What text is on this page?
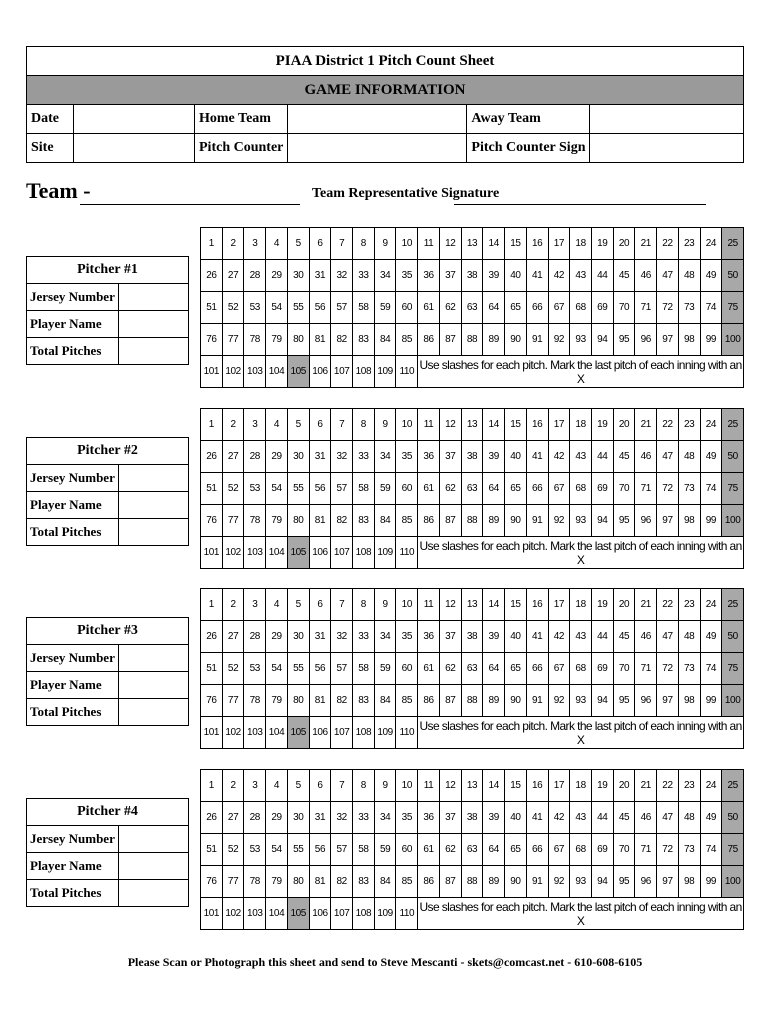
PIAA District 1 Pitch Count Sheet					
GAME INFORMATION					
Date		Home Team		Away Team	
Site		Pitch Counter		Pitch Counter Sign	
Team -	Team Representative Signature
Pitcher #1	
Jersey Number	
Player Name	
Total Pitches	
1	2	3	4	5	6	7	8	9	10	11	12	13	14	15	16	17	18	19	20	21	22	23	24	25
26	27	28	29	30	31	32	33	34	35	36	37	38	39	40	41	42	43	44	45	46	47	48	49	50
51	52	53	54	55	56	57	58	59	60	61	62	63	64	65	66	67	68	69	70	71	72	73	74	75
76	77	78	79	80	81	82	83	84	85	86	87	88	89	90	91	92	93	94	95	96	97	98	99	100
101	102	103	104	105	106	107	108	109	110	Use slashes for each pitch. Mark the last pitch of each inning with an X														
Pitcher #2	
Jersey Number	
Player Name	
Total Pitches	
1	2	3	4	5	6	7	8	9	10	11	12	13	14	15	16	17	18	19	20	21	22	23	24	25
26	27	28	29	30	31	32	33	34	35	36	37	38	39	40	41	42	43	44	45	46	47	48	49	50
51	52	53	54	55	56	57	58	59	60	61	62	63	64	65	66	67	68	69	70	71	72	73	74	75
76	77	78	79	80	81	82	83	84	85	86	87	88	89	90	91	92	93	94	95	96	97	98	99	100
101	102	103	104	105	106	107	108	109	110	Use slashes for each pitch. Mark the last pitch of each inning with an X														
Pitcher #3	
Jersey Number	
Player Name	
Total Pitches	
1	2	3	4	5	6	7	8	9	10	11	12	13	14	15	16	17	18	19	20	21	22	23	24	25
26	27	28	29	30	31	32	33	34	35	36	37	38	39	40	41	42	43	44	45	46	47	48	49	50
51	52	53	54	55	56	57	58	59	60	61	62	63	64	65	66	67	68	69	70	71	72	73	74	75
76	77	78	79	80	81	82	83	84	85	86	87	88	89	90	91	92	93	94	95	96	97	98	99	100
101	102	103	104	105	106	107	108	109	110	Use slashes for each pitch. Mark the last pitch of each inning with an X														
Pitcher #4	
Jersey Number	
Player Name	
Total Pitches	
1	2	3	4	5	6	7	8	9	10	11	12	13	14	15	16	17	18	19	20	21	22	23	24	25
26	27	28	29	30	31	32	33	34	35	36	37	38	39	40	41	42	43	44	45	46	47	48	49	50
51	52	53	54	55	56	57	58	59	60	61	62	63	64	65	66	67	68	69	70	71	72	73	74	75
76	77	78	79	80	81	82	83	84	85	86	87	88	89	90	91	92	93	94	95	96	97	98	99	100
101	102	103	104	105	106	107	108	109	110	Use slashes for each pitch. Mark the last pitch of each inning with an X														
Please Scan or Photograph this sheet and send to Steve Mescanti - skets@comcast.net - 610-608-6105
